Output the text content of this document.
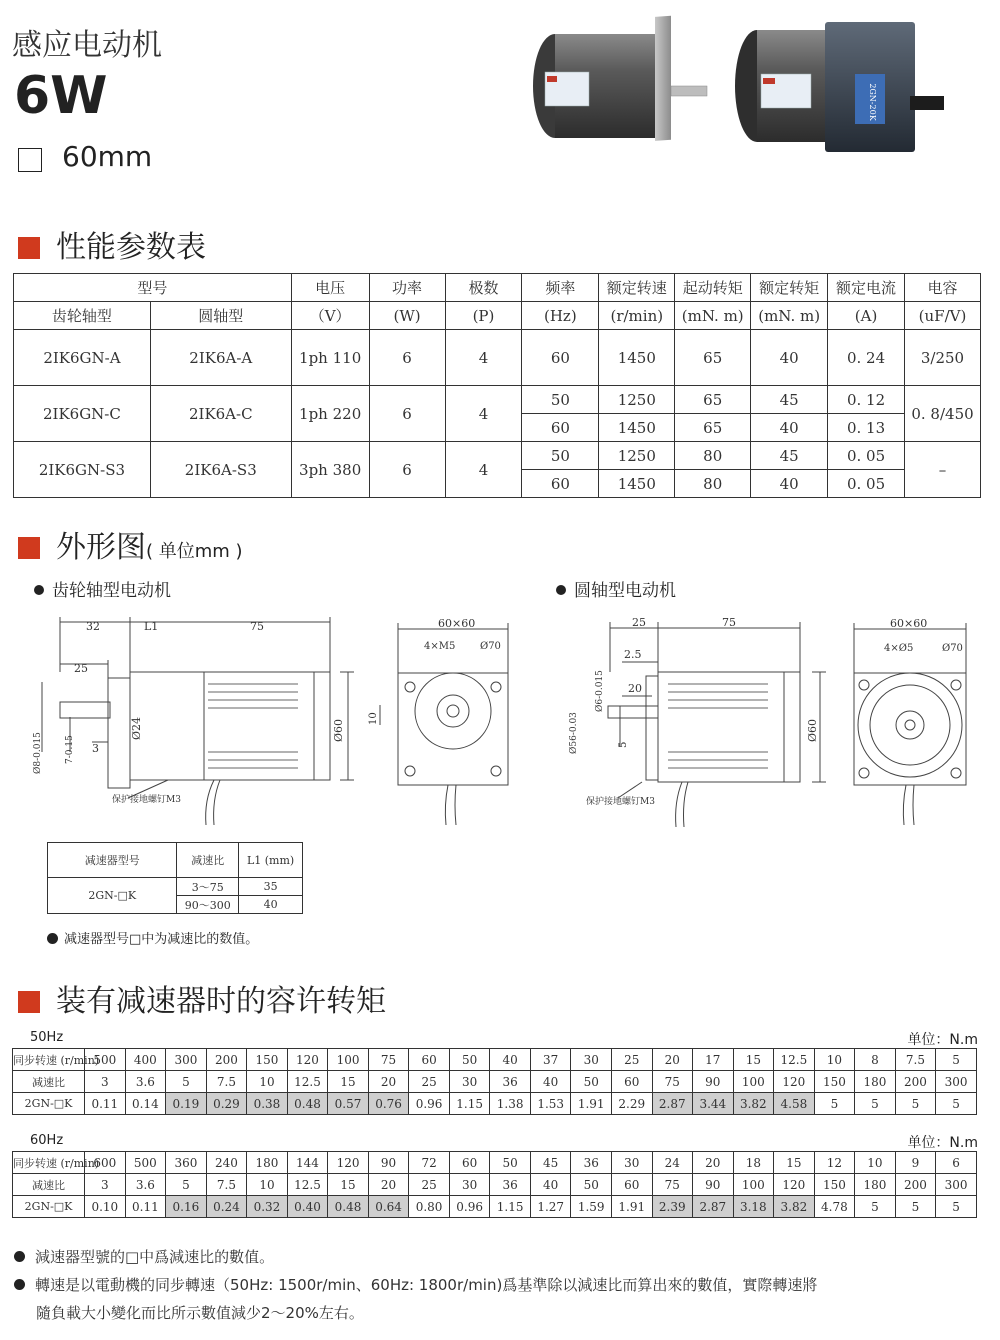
感应电动机
6W
60mm
2GN-20K
性能参数表
型号		电压	功率	极数	频率	额定转速	起动转矩	额定转矩	额定电流	电容
齿轮轴型	圆轴型	（V）	(W)	(P)	(Hz)	(r/min)	(mN. m)	(mN. m)	(A)	(uF/V)
2IK6GN-A	2IK6A-A	1ph 110	6	4	60	1450	65	40	0. 24	3/250
2IK6GN-C	2IK6A-C	1ph 220	6	4	50	1250	65	45	0. 12	0. 8/450
					60	1450	65	40	0. 13	
2IK6GN-S3	2IK6A-S3	3ph 380	6	4	50	1250	80	45	0. 05	–
					60	1450	80	40	0. 05	
外形图( 单位mm )
齿轮轴型电动机	圆轴型电动机
32	L1	75
25
Ø24	Ø60
3
Ø8-0.015 7-0.15
保护接地螺钉M3
60×60
4×M5 Ø70
10
25	75
2.5
20
5
Ø6-0.015
Ø56-0.03	Ø60
保护接地螺钉M3
60×60
4×Ø5	Ø70
减速器型号	减速比	L1 (mm)
2GN-□K	3～75	35
	90～300	40
减速器型号□中为减速比的数值。
装有减速器时的容许转矩
50Hz	单位：N.m
同步转速 (r/min)	500	400	300	200	150	120	100	75	60	50	40	37	30	25	20	17	15	12.5	10	8	7.5	5
减速比	3	3.6	5	7.5	10	12.5	15	20	25	30	36	40	50	60	75	90	100	120	150	180	200	300
2GN-□K	0.11	0.14	0.19	0.29	0.38	0.48	0.57	0.76	0.96	1.15	1.38	1.53	1.91	2.29	2.87	3.44	3.82	4.58	5	5	5	5
60Hz	单位：N.m
同步转速 (r/min)	600	500	360	240	180	144	120	90	72	60	50	45	36	30	24	20	18	15	12	10	9	6
减速比	3	3.6	5	7.5	10	12.5	15	20	25	30	36	40	50	60	75	90	100	120	150	180	200	300
2GN-□K	0.10	0.11	0.16	0.24	0.32	0.40	0.48	0.64	0.80	0.96	1.15	1.27	1.59	1.91	2.39	2.87	3.18	3.82	4.78	5	5	5
減速器型號的□中爲減速比的數值。
轉速是以電動機的同步轉速（50Hz: 1500r/min、60Hz: 1800r/min)爲基準除以減速比而算出來的數值，實際轉速將
隨負載大小變化而比所示數值減少2～20%左右。
